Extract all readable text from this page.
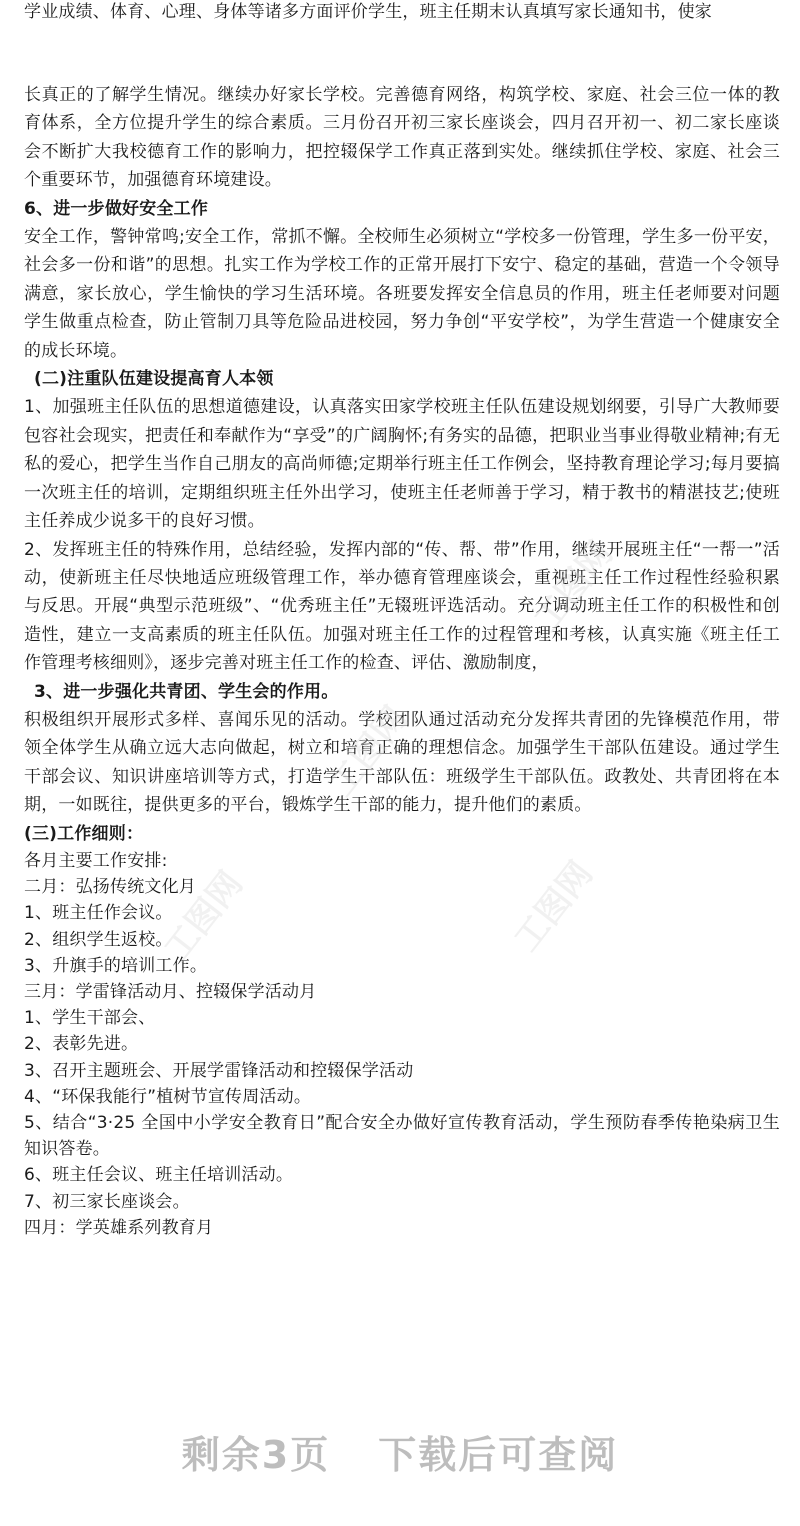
学业成绩、体育、心理、身体等诸多方面评价学生，班主任期末认真填写家长通知书，使家

长真正的了解学生情况。继续办好家长学校。完善德育网络，构筑学校、家庭、社会三位一体的教育体系，全方位提升学生的综合素质。三月份召开初三家长座谈会，四月召开初一、初二家长座谈会不断扩大我校德育工作的影响力，把控辍保学工作真正落到实处。继续抓住学校、家庭、社会三个重要环节，加强德育环境建设。

6、进一步做好安全工作

安全工作，警钟常鸣;安全工作，常抓不懈。全校师生必须树立“学校多一份管理，学生多一份平安，社会多一份和谐”的思想。扎实工作为学校工作的正常开展打下安宁、稳定的基础，营造一个令领导满意，家长放心，学生愉快的学习生活环境。各班要发挥安全信息员的作用，班主任老师要对问题学生做重点检查，防止管制刀具等危险品进校园，努力争创“平安学校”，为学生营造一个健康安全的成长环境。

(二)注重队伍建设提高育人本领

1、加强班主任队伍的思想道德建设，认真落实田家学校班主任队伍建设规划纲要，引导广大教师要包容社会现实，把责任和奉献作为“享受”的广阔胸怀;有务实的品德，把职业当事业得敬业精神;有无私的爱心，把学生当作自己朋友的高尚师德;定期举行班主任工作例会，坚持教育理论学习;每月要搞一次班主任的培训，定期组织班主任外出学习，使班主任老师善于学习，精于教书的精湛技艺;使班主任养成少说多干的良好习惯。

2、发挥班主任的特殊作用，总结经验，发挥内部的“传、帮、带”作用，继续开展班主任“一帮一”活动，使新班主任尽快地适应班级管理工作，举办德育管理座谈会，重视班主任工作过程性经验积累与反思。开展“典型示范班级”、“优秀班主任”无辍班评选活动。充分调动班主任工作的积极性和创造性，建立一支高素质的班主任队伍。加强对班主任工作的过程管理和考核，认真实施《班主任工作管理考核细则》，逐步完善对班主任工作的检查、评估、激励制度，

3、进一步强化共青团、学生会的作用。

积极组织开展形式多样、喜闻乐见的活动。学校团队通过活动充分发挥共青团的先锋模范作用，带领全体学生从确立远大志向做起，树立和培育正确的理想信念。加强学生干部队伍建设。通过学生干部会议、知识讲座培训等方式，打造学生干部队伍：班级学生干部队伍。政教处、共青团将在本期，一如既往，提供更多的平台，锻炼学生干部的能力，提升他们的素质。

(三)工作细则：

各月主要工作安排:

二月：弘扬传统文化月

1、班主任作会议。

2、组织学生返校。

3、升旗手的培训工作。

三月：学雷锋活动月、控辍保学活动月

1、学生干部会、

2、表彰先进。

3、召开主题班会、开展学雷锋活动和控辍保学活动

4、“环保我能行”植树节宣传周活动。

5、结合“3·25 全国中小学安全教育日”配合安全办做好宣传教育活动，学生预防春季传艳染病卫生知识答卷。

6、班主任会议、班主任培训活动。

7、初三家长座谈会。

四月：学英雄系列教育月

工图网
工图网	工图网
工图网
剩余3页 下载后可查阅
